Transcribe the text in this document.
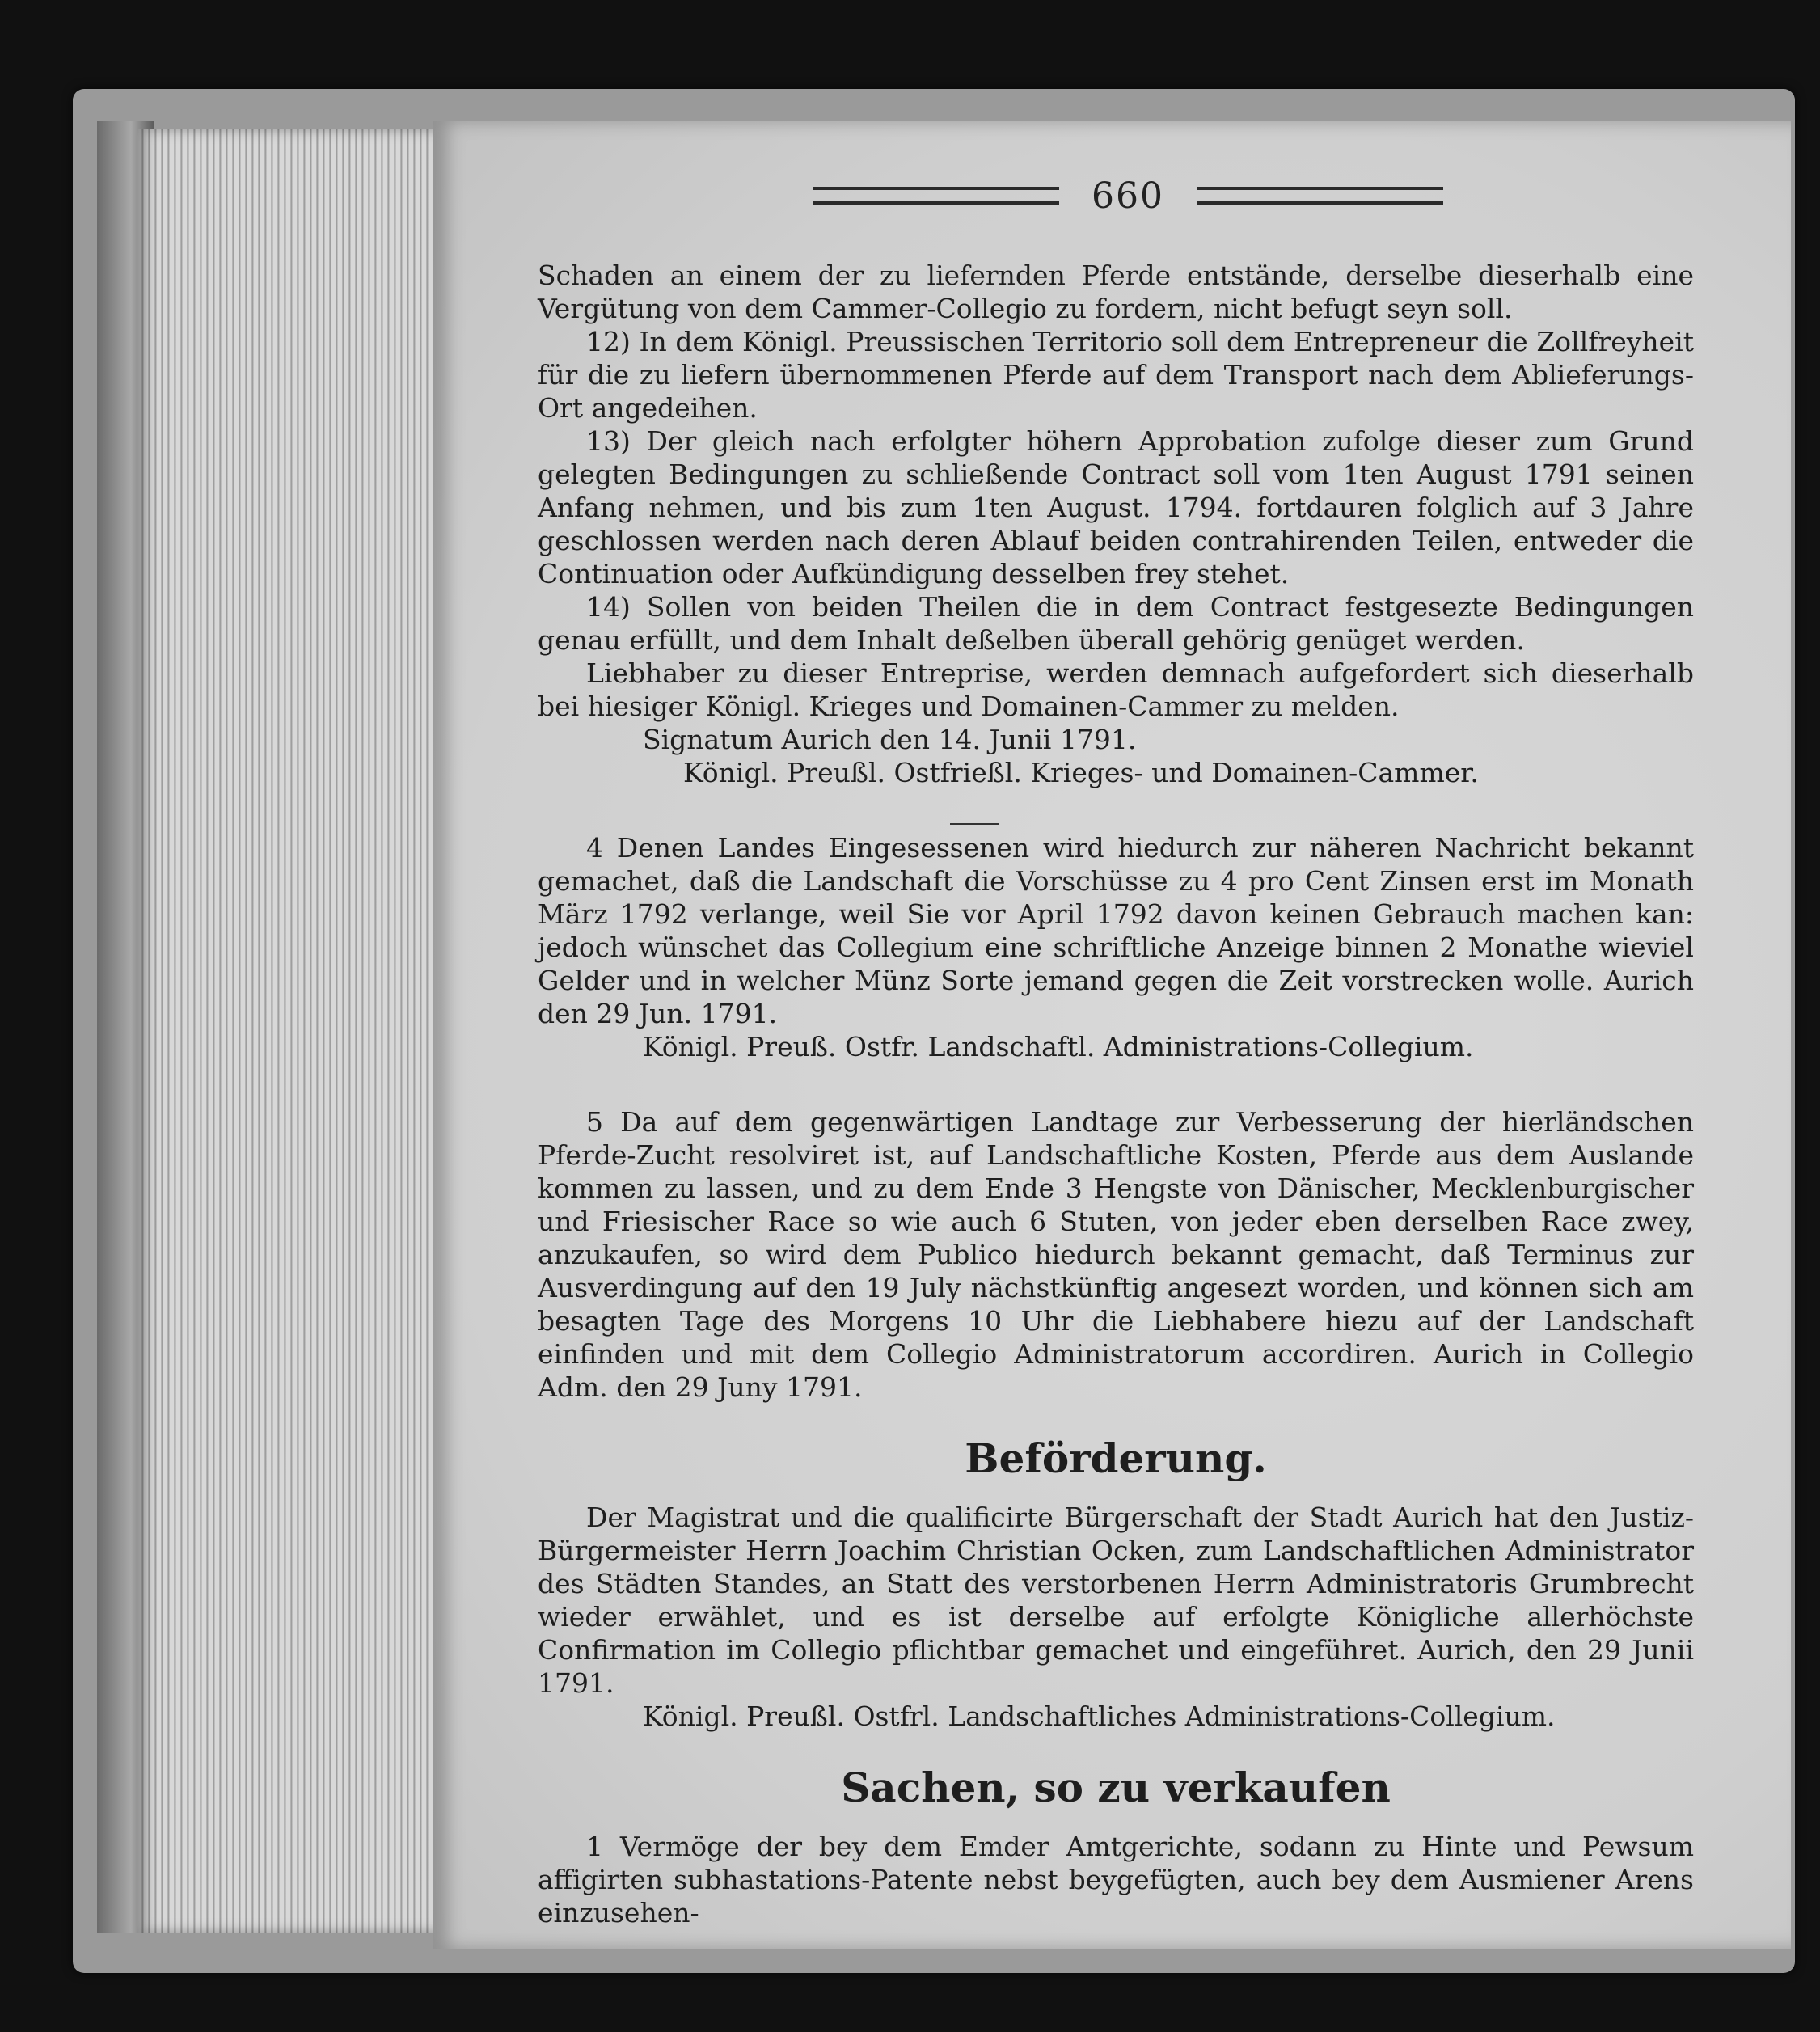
660

Schaden an einem der zu liefernden Pferde entstände, derselbe dieserhalb eine Vergütung von dem Cammer-Collegio zu fordern, nicht befugt seyn soll.

12) In dem Königl. Preussischen Territorio soll dem Entrepreneur die Zollfreyheit für die zu liefern übernommenen Pferde auf dem Transport nach dem Ablieferungs-Ort angedeihen.

13) Der gleich nach erfolgter höhern Approbation zufolge dieser zum Grund gelegten Bedingungen zu schließende Contract soll vom 1ten August 1791 seinen Anfang nehmen, und bis zum 1ten August. 1794. fortdauren folglich auf 3 Jahre geschlossen werden nach deren Ablauf beiden contrahirenden Teilen, entweder die Continuation oder Aufkündigung desselben frey stehet.

14) Sollen von beiden Theilen die in dem Contract festgesezte Bedingungen genau erfüllt, und dem Inhalt deßelben überall gehörig genüget werden.

Liebhaber zu dieser Entreprise, werden demnach aufgefordert sich dieserhalb bei hiesiger Königl. Krieges und Domainen-Cammer zu melden.

Signatum Aurich den 14. Junii 1791.

Königl. Preußl. Ostfrießl. Krieges- und Domainen-Cammer.

4 Denen Landes Eingesessenen wird hiedurch zur näheren Nachricht bekannt gemachet, daß die Landschaft die Vorschüsse zu 4 pro Cent Zinsen erst im Monath März 1792 verlange, weil Sie vor April 1792 davon keinen Gebrauch machen kan: jedoch wünschet das Collegium eine schriftliche Anzeige binnen 2 Monathe wieviel Gelder und in welcher Münz Sorte jemand gegen die Zeit vorstrecken wolle. Aurich den 29 Jun. 1791.

Königl. Preuß. Ostfr. Landschaftl. Administrations-Collegium.

5 Da auf dem gegenwärtigen Landtage zur Verbesserung der hierländschen Pferde-Zucht resolviret ist, auf Landschaftliche Kosten, Pferde aus dem Auslande kommen zu lassen, und zu dem Ende 3 Hengste von Dänischer, Mecklenburgischer und Friesischer Race so wie auch 6 Stuten, von jeder eben derselben Race zwey, anzukaufen, so wird dem Publico hiedurch bekannt gemacht, daß Terminus zur Ausverdingung auf den 19 July nächstkünftig angesezt worden, und können sich am besagten Tage des Morgens 10 Uhr die Liebhabere hiezu auf der Landschaft einfinden und mit dem Collegio Administratorum accordiren. Aurich in Collegio Adm. den 29 Juny 1791.

Beförderung.

Der Magistrat und die qualificirte Bürgerschaft der Stadt Aurich hat den Justiz-Bürgermeister Herrn Joachim Christian Ocken, zum Landschaftlichen Administrator des Städten Standes, an Statt des verstorbenen Herrn Administratoris Grumbrecht wieder erwählet, und es ist derselbe auf erfolgte Königliche allerhöchste Confirmation im Collegio pflichtbar gemachet und eingeführet. Aurich, den 29 Junii 1791.

Königl. Preußl. Ostfrl. Landschaftliches Administrations-Collegium.

Sachen, so zu verkaufen

1 Vermöge der bey dem Emder Amtgerichte, sodann zu Hinte und Pewsum affigirten subhastations-Patente nebst beygefügten, auch bey dem Ausmiener Arens einzusehen-
